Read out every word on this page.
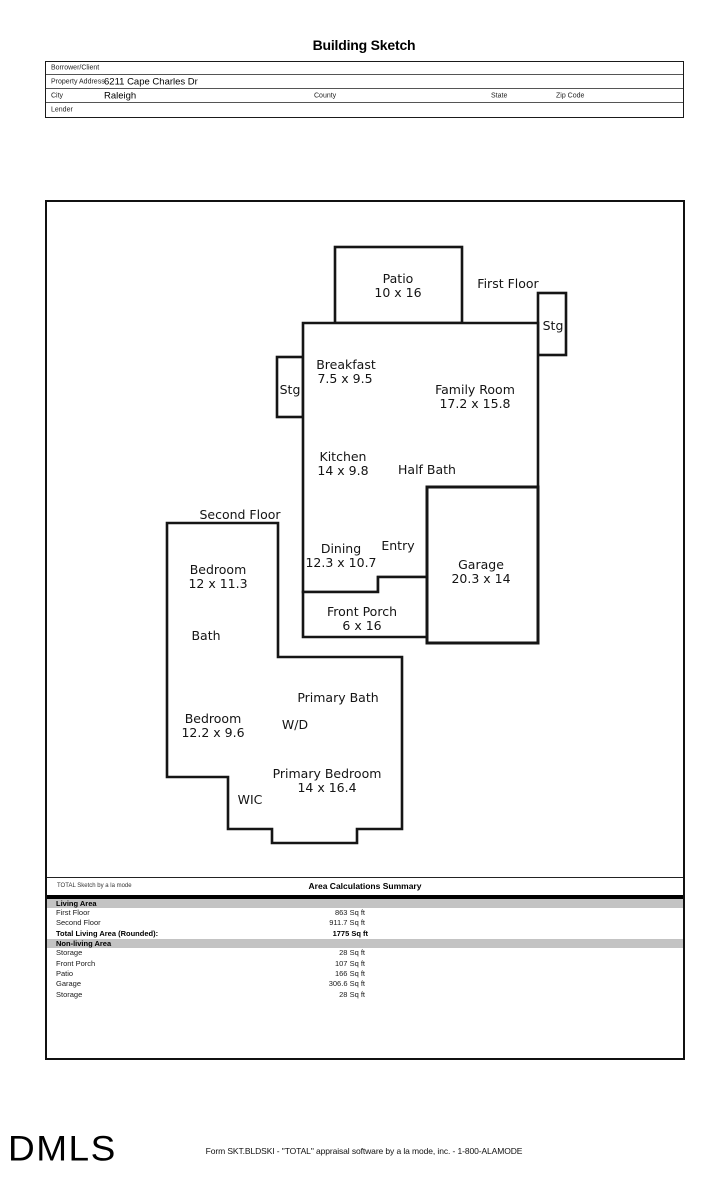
Building Sketch
Borrower/Client
Property Address 6211 Cape Charles Dr
City	Raleigh	County	State	Zip Code
Lender
Patio
10 x 16
First Floor
Stg
Breakfast
7.5 x 9.5
Stg	Family Room
17.2 x 15.8
Kitchen
14 x 9.8 Half Bath
Dining
12.3 x 10.7
Entry
Garage
20.3 x 14
Front Porch
6 x 16
Second Floor
Bedroom
12 x 11.3
Bath
Bedroom
12.2 x 9.6
Primary Bath
W/D
Primary Bedroom
14 x 16.4
WIC
TOTAL Sketch by a la mode	Area Calculations Summary
Living Area
First Floor	863 Sq ft
Second Floor	911.7 Sq ft
Total Living Area (Rounded):	1775 Sq ft
Non-living Area
Storage	28 Sq ft
Front Porch	107 Sq ft
Patio	166 Sq ft
Garage	306.6 Sq ft
Storage	28 Sq ft
DMLS	Form SKT.BLDSKI - "TOTAL" appraisal software by a la mode, inc. - 1-800-ALAMODE
